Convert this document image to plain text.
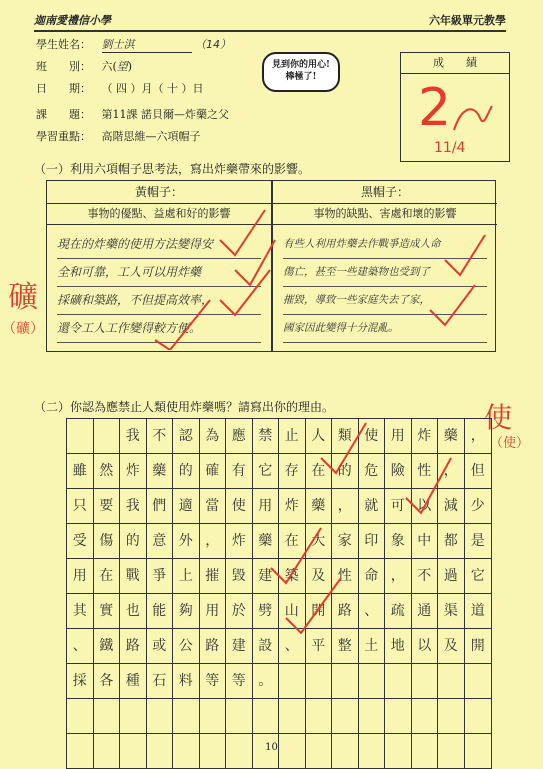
迦南愛禮信小學	六年級單元教學
學生姓名： 劉士淇	（14）
班　　別： 六(望)
日　　期： （ 四 ）月（ 十 ）日
課　　題： 第11課 諾貝爾—炸藥之父
學習重點： 高階思維—六項帽子
見到你的用心!
棒極了!
成　　績
2
11/4
（一）利用六項帽子思考法，寫出炸藥帶來的影響。
黃帽子：
事物的優點、益處和好的影響
現在的炸藥的使用方法變得安
全和可靠，工人可以用炸藥
採礦和築路，不但提高效率，
還令工人工作變得較方便。
黑帽子：
事物的缺點、害處和壞的影響
有些人利用炸藥去作戰爭造成人命
傷亡，甚至一些建築物也受到了
摧毀，導致一些家庭失去了家，
國家因此變得十分混亂。
礦
（礦）
使
（使）
（二）你認為應禁止人類使用炸藥嗎？請寫出你的理由。
我 不 認 為 應 禁 止 人 類 使 用 炸 藥 ，
雖 然 炸 藥 的 確 有 它 存 在 的 危 險 性 ， 但
只 要 我 們 適 當 使 用 炸 藥 ， 就 可 以 減 少
受 傷 的 意 外 ， 炸 藥 在 大 家 印 象 中 都 是
用 在 戰 爭 上 摧 毀 建 築 及 性 命 ， 不 過 它
其 實 也 能 夠 用 於 劈 山 開 路 、 疏 通 渠 道
、 鐵 路 或 公 路 建 設 、 平 整 土 地 以 及 開
採 各 種 石 料 等 等 。
10
